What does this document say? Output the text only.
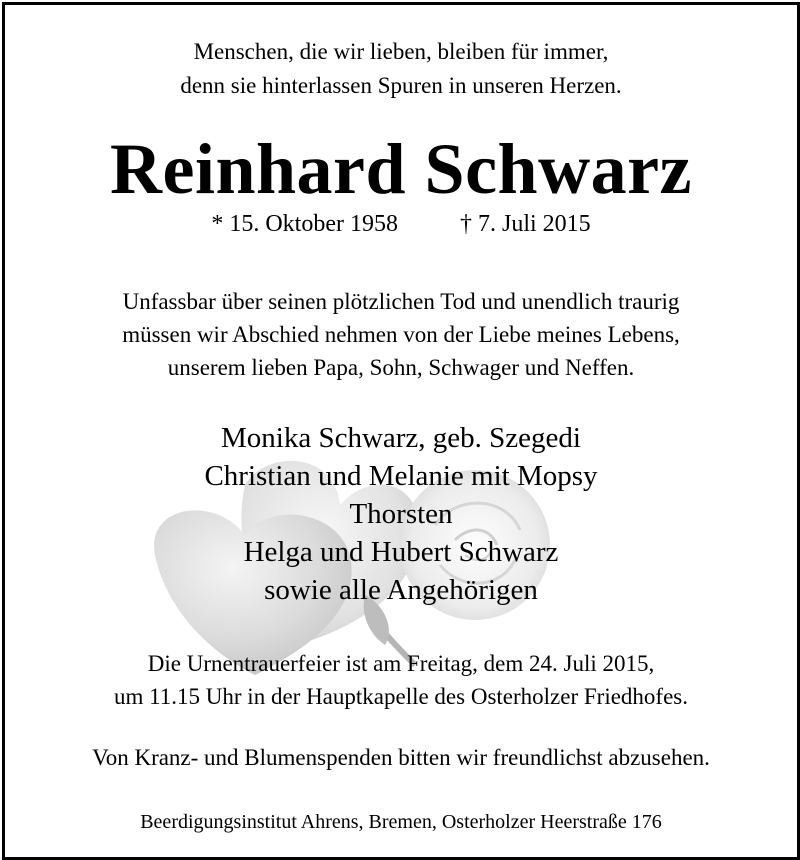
Menschen, die wir lieben, bleiben für immer,
denn sie hinterlassen Spuren in unseren Herzen.
Reinhard Schwarz
* 15. Oktober 1958	† 7. Juli 2015
Unfassbar über seinen plötzlichen Tod und unendlich traurig
müssen wir Abschied nehmen von der Liebe meines Lebens,
unserem lieben Papa, Sohn, Schwager und Neffen.
Monika Schwarz, geb. Szegedi
Christian und Melanie mit Mopsy
Thorsten
Helga und Hubert Schwarz
sowie alle Angehörigen
Die Urnentrauerfeier ist am Freitag, dem 24. Juli 2015,
um 11.15 Uhr in der Hauptkapelle des Osterholzer Friedhofes.
Von Kranz- und Blumenspenden bitten wir freundlichst abzusehen.
Beerdigungsinstitut Ahrens, Bremen, Osterholzer Heerstraße 176
